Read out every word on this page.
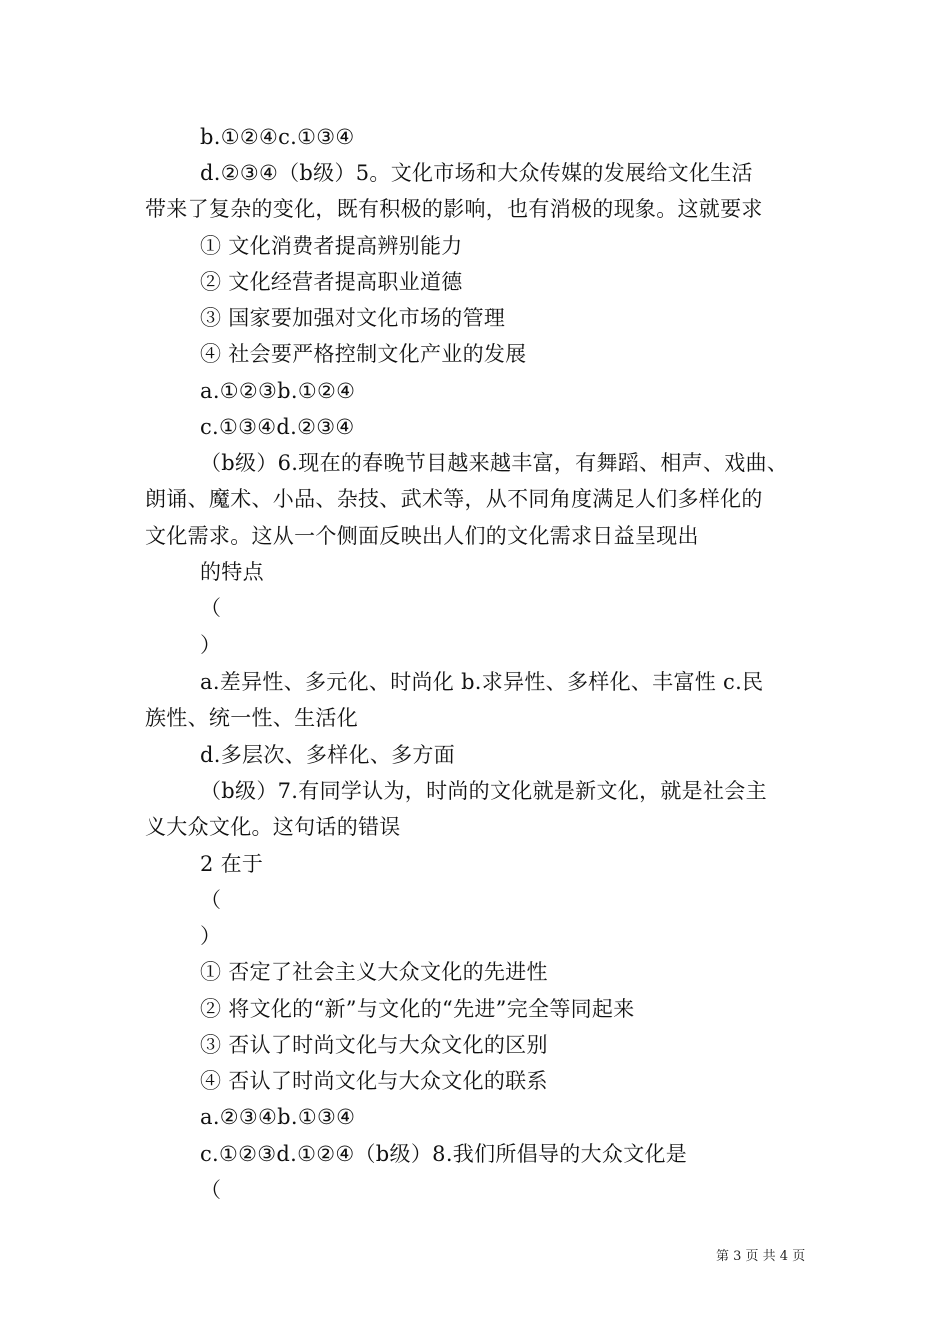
b.①②④c.①③④
d.②③④（b级）5。文化市场和大众传媒的发展给文化生活
带来了复杂的变化，既有积极的影响，也有消极的现象。这就要求
① 文化消费者提高辨别能力
② 文化经营者提高职业道德
③ 国家要加强对文化市场的管理
④ 社会要严格控制文化产业的发展
a.①②③b.①②④
c.①③④d.②③④
（b级）6.现在的春晚节目越来越丰富，有舞蹈、相声、戏曲、
朗诵、魔术、小品、杂技、武术等，从不同角度满足人们多样化的
文化需求。这从一个侧面反映出人们的文化需求日益呈现出
的特点
（
）
a.差异性、多元化、时尚化 b.求异性、多样化、丰富性 c.民
族性、统一性、生活化
d.多层次、多样化、多方面
（b级）7.有同学认为，时尚的文化就是新文化，就是社会主
义大众文化。这句话的错误
2 在于
（
）
① 否定了社会主义大众文化的先进性
② 将文化的“新”与文化的“先进”完全等同起来
③ 否认了时尚文化与大众文化的区别
④ 否认了时尚文化与大众文化的联系
a.②③④b.①③④
c.①②③d.①②④（b级）8.我们所倡导的大众文化是
（
第 3 页 共 4 页
